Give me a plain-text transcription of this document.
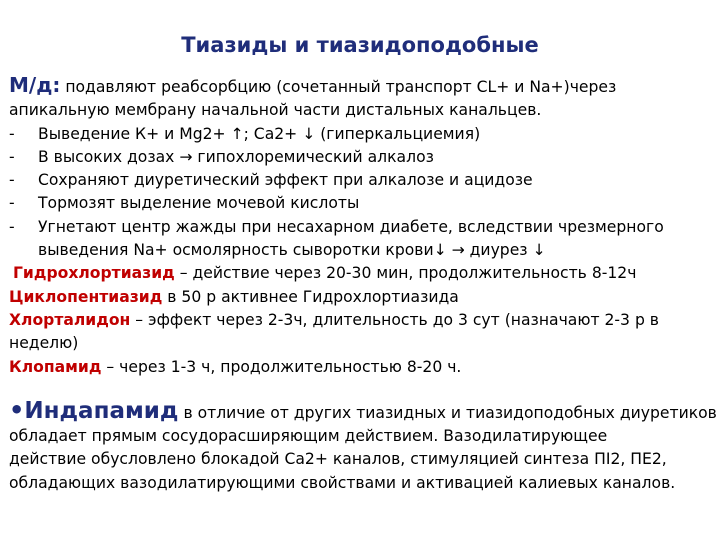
Тиазиды и тиазидоподобные
М/д: подавляют реабсорбцию (сочетанный транспорт CL+ и Na+)через
апикальную мембрану начальной части дистальных канальцев.
-	Выведение К+ и Mg2+ ↑; Ca2+ ↓ (гиперкальциемия)
-	В высоких дозах → гипохлоремический алкалоз
-	Сохраняют диуретический эффект при алкалозе и ацидозе
-	Тормозят выделение мочевой кислоты
-	Угнетают центр жажды при несахарном диабете, вследствии чрезмерного
выведения Na+ осмолярность сыворотки крови↓ → диурез ↓
Гидрохлортиазид – действие через 20-30 мин, продолжительность 8-12ч
Циклопентиазид в 50 р активнее Гидрохлортиазида
Хлорталидон – эффект через 2-3ч, длительность до 3 сут (назначают 2-3 р в
неделю)
Клопамид – через 1-3 ч, продолжительностью 8-20 ч.
•Индапамид в отличие от других тиазидных и тиазидоподобных диуретиков
обладает прямым сосудорасширяющим действием. Вазодилатирующее
действие обусловлено блокадой Ca2+ каналов, стимуляцией синтеза ПI2, ПЕ2,
обладающих вазодилатирующими свойствами и активацией калиевых каналов.
